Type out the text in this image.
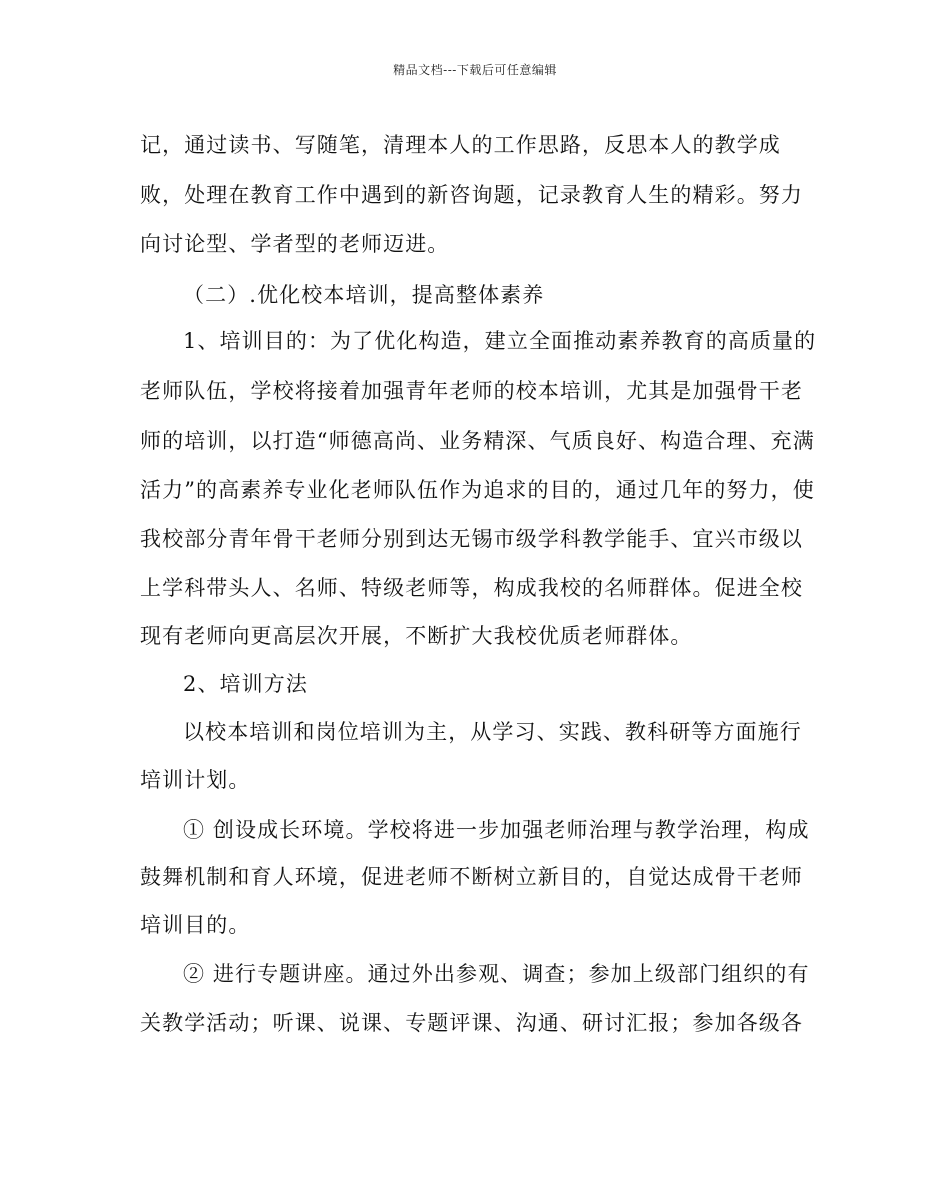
精品文档---下载后可任意编辑
记，通过读书、写随笔，清理本人的工作思路，反思本人的教学成
败，处理在教育工作中遇到的新咨询题，记录教育人生的精彩。努力
向讨论型、学者型的老师迈进。
（二）.优化校本培训，提高整体素养
1、培训目的：为了优化构造，建立全面推动素养教育的高质量的
老师队伍，学校将接着加强青年老师的校本培训，尤其是加强骨干老
师的培训，以打造“师德高尚、业务精深、气质良好、构造合理、充满
活力”的高素养专业化老师队伍作为追求的目的，通过几年的努力，使
我校部分青年骨干老师分别到达无锡市级学科教学能手、宜兴市级以
上学科带头人、名师、特级老师等，构成我校的名师群体。促进全校
现有老师向更高层次开展，不断扩大我校优质老师群体。
2、培训方法
以校本培训和岗位培训为主，从学习、实践、教科研等方面施行
培训计划。
① 创设成长环境。学校将进一步加强老师治理与教学治理，构成
鼓舞机制和育人环境，促进老师不断树立新目的，自觉达成骨干老师
培训目的。
② 进行专题讲座。通过外出参观、调查；参加上级部门组织的有
关教学活动；听课、说课、专题评课、沟通、研讨汇报；参加各级各
